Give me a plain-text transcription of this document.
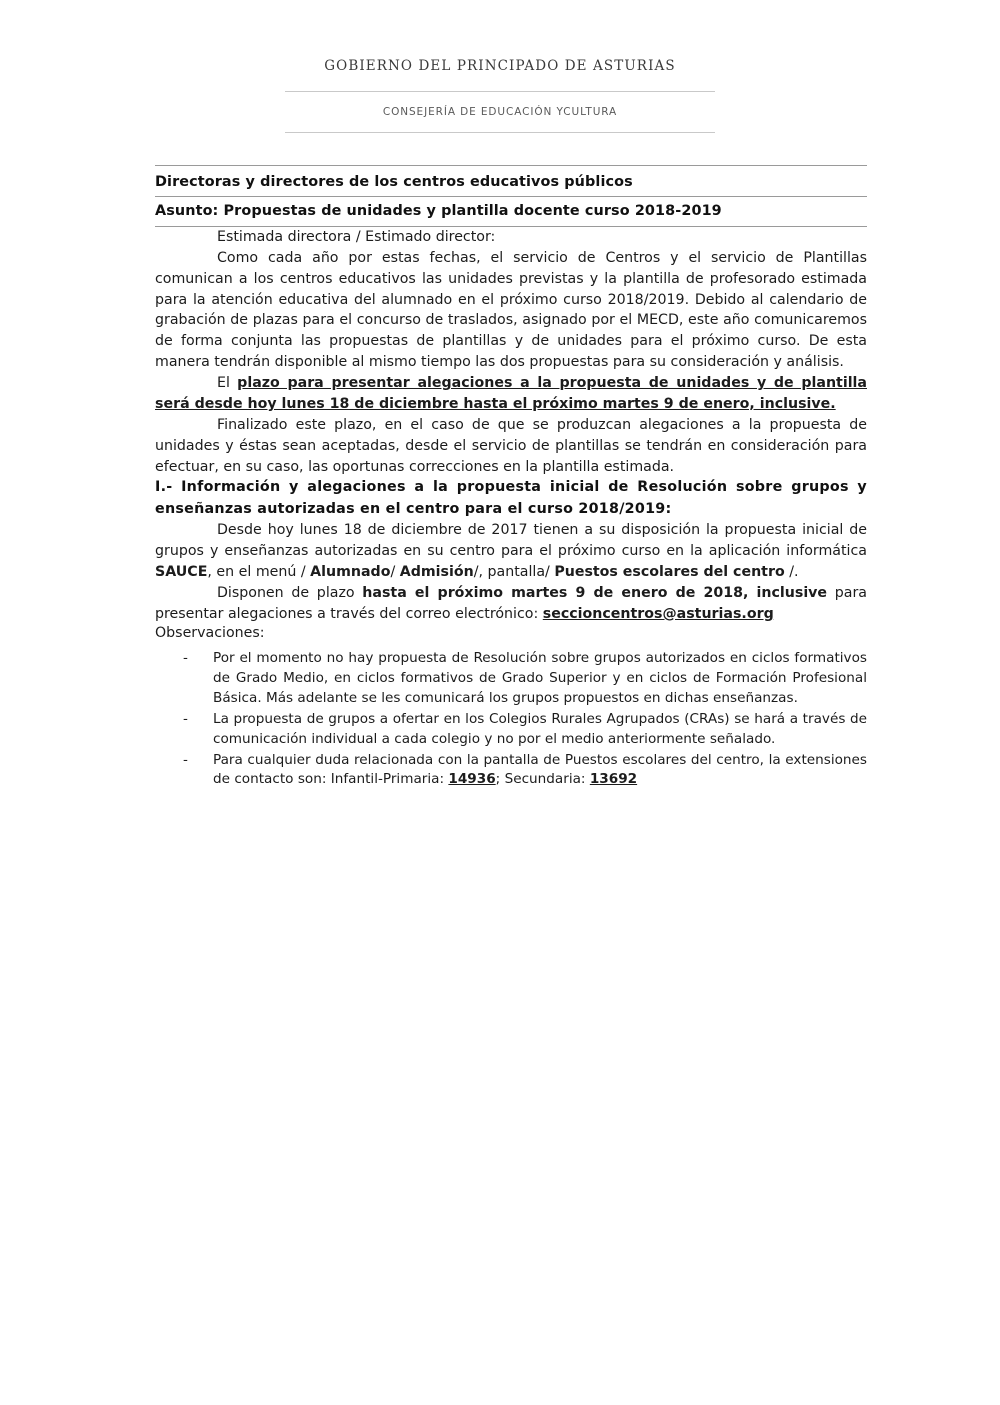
GOBIERNO DEL PRINCIPADO DE ASTURIAS
CONSEJERÍA DE EDUCACIÓN YCULTURA
Directoras y directores de los centros educativos públicos
Asunto: Propuestas de unidades y plantilla docente curso 2018-2019

Estimada directora / Estimado director:

Como cada año por estas fechas, el servicio de Centros y el servicio de Plantillas comunican a los centros educativos las unidades previstas y la plantilla de profesorado estimada para la atención educativa del alumnado en el próximo curso 2018/2019. Debido al calendario de grabación de plazas para el concurso de traslados, asignado por el MECD, este año comunicaremos de forma conjunta las propuestas de plantillas y de unidades para el próximo curso. De esta manera tendrán disponible al mismo tiempo las dos propuestas para su consideración y análisis.

El plazo para presentar alegaciones a la propuesta de unidades y de plantilla será desde hoy lunes 18 de diciembre hasta el próximo martes 9 de enero, inclusive.

Finalizado este plazo, en el caso de que se produzcan alegaciones a la propuesta de unidades y éstas sean aceptadas, desde el servicio de plantillas se tendrán en consideración para efectuar, en su caso, las oportunas correcciones en la plantilla estimada.

I.- Información y alegaciones a la propuesta inicial de Resolución sobre grupos y enseñanzas autorizadas en el centro para el curso 2018/2019:

Desde hoy lunes 18 de diciembre de 2017 tienen a su disposición la propuesta inicial de grupos y enseñanzas autorizadas en su centro para el próximo curso en la aplicación informática SAUCE, en el menú / Alumnado/ Admisión/, pantalla/ Puestos escolares del centro /.

Disponen de plazo hasta el próximo martes 9 de enero de 2018, inclusive para presentar alegaciones a través del correo electrónico: seccioncentros@asturias.org

Observaciones:

- Por el momento no hay propuesta de Resolución sobre grupos autorizados en ciclos formativos de Grado Medio, en ciclos formativos de Grado Superior y en ciclos de Formación Profesional Básica. Más adelante se les comunicará los grupos propuestos en dichas enseñanzas.
- La propuesta de grupos a ofertar en los Colegios Rurales Agrupados (CRAs) se hará a través de comunicación individual a cada colegio y no por el medio anteriormente señalado.
- Para cualquier duda relacionada con la pantalla de Puestos escolares del centro, la extensiones de contacto son: Infantil-Primaria: 14936; Secundaria: 13692
